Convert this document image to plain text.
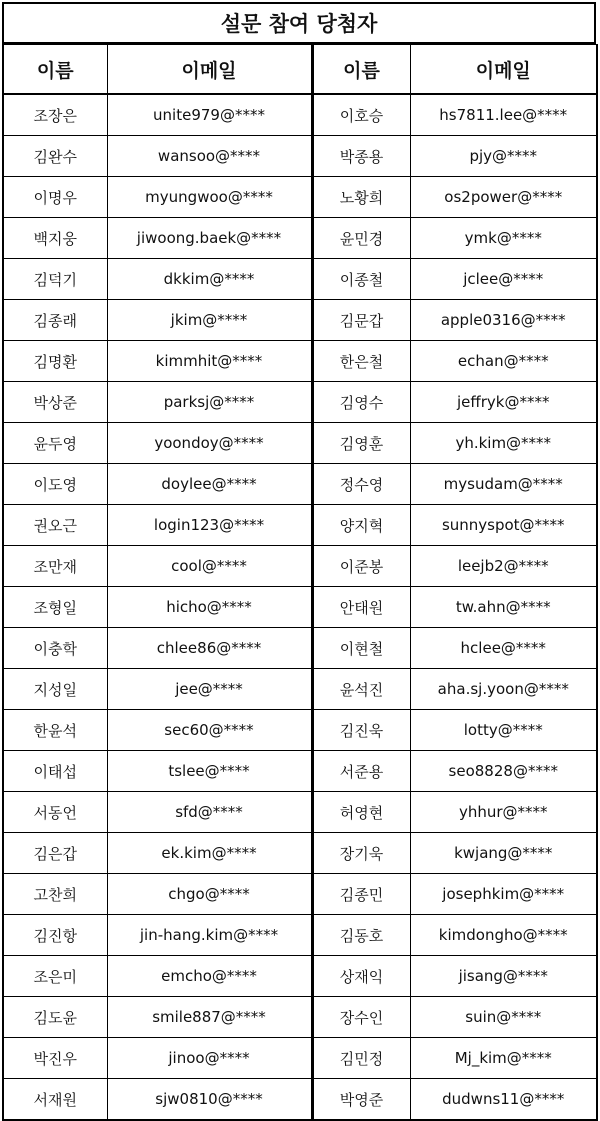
설문 참여 당첨자
이름	이메일	이름	이메일
조장은	unite979@****	이호승	hs7811.lee@****
김완수	wansoo@****	박종용	pjy@****
이명우	myungwoo@****	노황희	os2power@****
백지웅	jiwoong.baek@****	윤민경	ymk@****
김덕기	dkkim@****	이종철	jclee@****
김종래	jkim@****	김문갑	apple0316@****
김명환	kimmhit@****	한은철	echan@****
박상준	parksj@****	김영수	jeffryk@****
윤두영	yoondoy@****	김영훈	yh.kim@****
이도영	doylee@****	정수영	mysudam@****
권오근	login123@****	양지혁	sunnyspot@****
조만재	cool@****	이준봉	leejb2@****
조형일	hicho@****	안태원	tw.ahn@****
이충학	chlee86@****	이현철	hclee@****
지성일	jee@****	윤석진	aha.sj.yoon@****
한윤석	sec60@****	김진욱	lotty@****
이태섭	tslee@****	서준용	seo8828@****
서동언	sfd@****	허영현	yhhur@****
김은갑	ek.kim@****	장기욱	kwjang@****
고찬희	chgo@****	김종민	josephkim@****
김진항	jin-hang.kim@****	김동호	kimdongho@****
조은미	emcho@****	상재익	jisang@****
김도윤	smile887@****	장수인	suin@****
박진우	jinoo@****	김민정	Mj_kim@****
서재원	sjw0810@****	박영준	dudwns11@****
